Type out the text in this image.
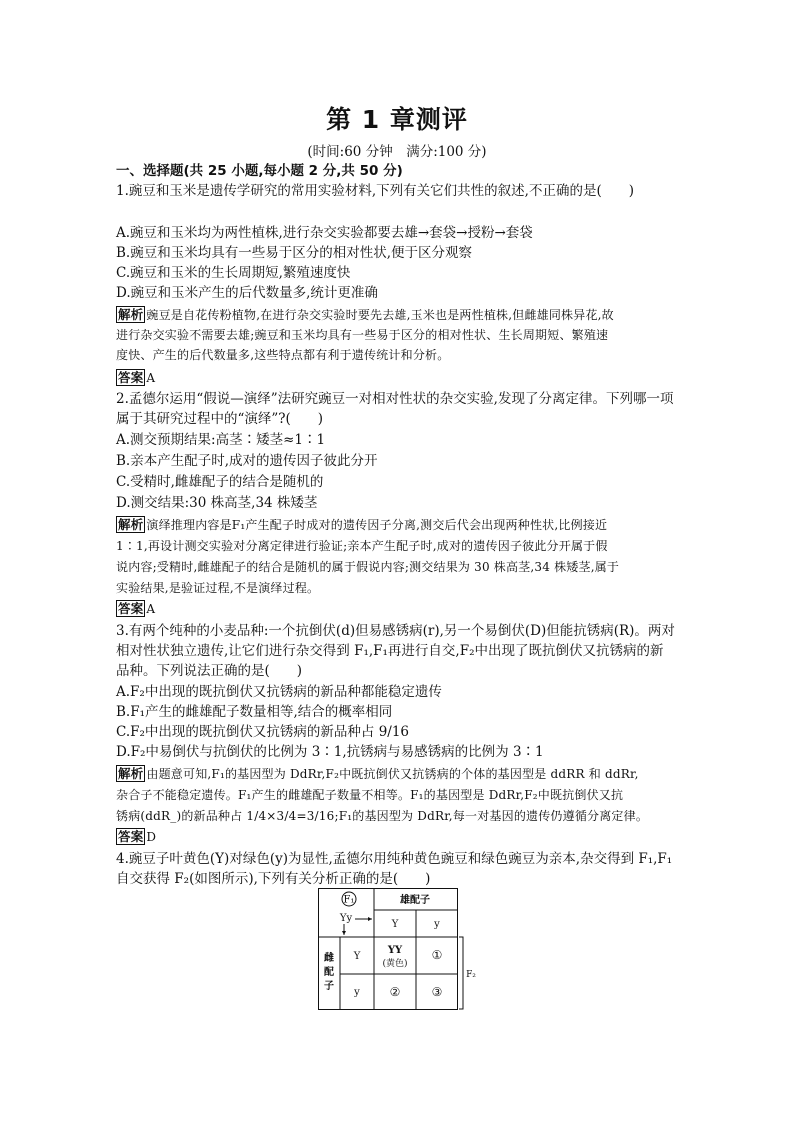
第 1 章测评
(时间:60 分钟　满分:100 分)
一、选择题(共 25 小题,每小题 2 分,共 50 分)
1.豌豆和玉米是遗传学研究的常用实验材料,下列有关它们共性的叙述,不正确的是(　　)
A.豌豆和玉米均为两性植株,进行杂交实验都要去雄→套袋→授粉→套袋
B.豌豆和玉米均具有一些易于区分的相对性状,便于区分观察
C.豌豆和玉米的生长周期短,繁殖速度快
D.豌豆和玉米产生的后代数量多,统计更准确
解析 豌豆是自花传粉植物,在进行杂交实验时要先去雄,玉米也是两性植株,但雌雄同株异花,故
进行杂交实验不需要去雄;豌豆和玉米均具有一些易于区分的相对性状、生长周期短、繁殖速
度快、产生的后代数量多,这些特点都有利于遗传统计和分析。
答案 A
2.孟德尔运用“假说—演绎”法研究豌豆一对相对性状的杂交实验,发现了分离定律。下列哪一项
属于其研究过程中的“演绎”?(　　)
A.测交预期结果:高茎∶矮茎≈1∶1
B.亲本产生配子时,成对的遗传因子彼此分开
C.受精时,雌雄配子的结合是随机的
D.测交结果:30 株高茎,34 株矮茎
解析 演绎推理内容是F₁产生配子时成对的遗传因子分离,测交后代会出现两种性状,比例接近
1∶1,再设计测交实验对分离定律进行验证;亲本产生配子时,成对的遗传因子彼此分开属于假
说内容;受精时,雌雄配子的结合是随机的属于假说内容;测交结果为 30 株高茎,34 株矮茎,属于
实验结果,是验证过程,不是演绎过程。
答案 A
3.有两个纯种的小麦品种:一个抗倒伏(d)但易感锈病(r),另一个易倒伏(D)但能抗锈病(R)。两对
相对性状独立遗传,让它们进行杂交得到 F₁,F₁再进行自交,F₂中出现了既抗倒伏又抗锈病的新
品种。下列说法正确的是(　　)
A.F₂中出现的既抗倒伏又抗锈病的新品种都能稳定遗传
B.F₁产生的雌雄配子数量相等,结合的概率相同
C.F₂中出现的既抗倒伏又抗锈病的新品种占 9/16
D.F₂中易倒伏与抗倒伏的比例为 3∶1,抗锈病与易感锈病的比例为 3∶1
解析 由题意可知,F₁的基因型为 DdRr,F₂中既抗倒伏又抗锈病的个体的基因型是 ddRR 和 ddRr,
杂合子不能稳定遗传。F₁产生的雌雄配子数量不相等。F₁的基因型是 DdRr,F₂中既抗倒伏又抗
锈病(ddR_)的新品种占 1/4×3/4=3/16;F₁的基因型为 DdRr,每一对基因的遗传仍遵循分离定律。
答案 D
4.豌豆子叶黄色(Y)对绿色(y)为显性,孟德尔用纯种黄色豌豆和绿色豌豆为亲本,杂交得到 F₁,F₁
自交获得 F₂(如图所示),下列有关分析正确的是(　　)
F₁
Yy
雄配子
Y	y
雌
配
子
Y
y
YY
(黄色)
①
②	③
F₂
